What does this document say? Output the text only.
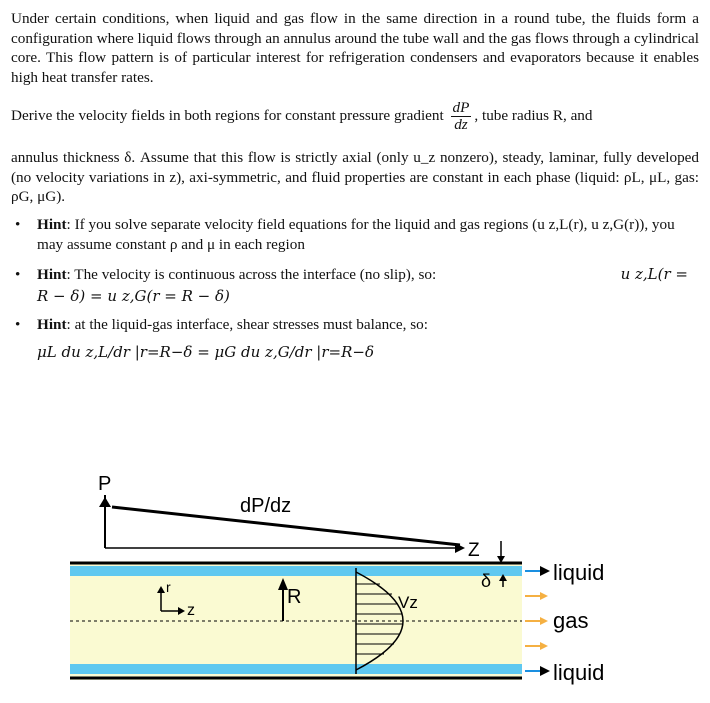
Under certain conditions, when liquid and gas flow in the same direction in a round tube, the fluids form a configuration where liquid flows through an annulus around the tube wall and the gas flows through a cylindrical core. This flow pattern is of particular interest for refrigeration condensers and evaporators because it enables high heat transfer rates.

Derive the velocity fields in both regions for constant pressure gradient $\frac{dP}{dz}$ , tube radius R, and

annulus thickness δ. Assume that this flow is strictly axial (only u_z nonzero), steady, laminar, fully developed (no velocity variations in z), axi-symmetric, and fluid properties are constant in each phase (liquid: ρL, μL, gas: ρG, μG).

• Hint: If you solve separate velocity field equations for the liquid and gas regions (u z,L(r), u z,G(r)), you may assume constant ρ and μ in each region
• Hint: The velocity is continuous across the interface (no slip), so:	u z,L(r =
R − δ) = u z,G(r = R − δ)
• Hint: at the liquid-gas interface, shear stresses must balance, so:
μL du z,L/dr |r=R−δ = μG du z,G/dr |r=R−δ
P
dP/dz
Z
r
z
R	Vz
δ	liquid
gas
liquid
